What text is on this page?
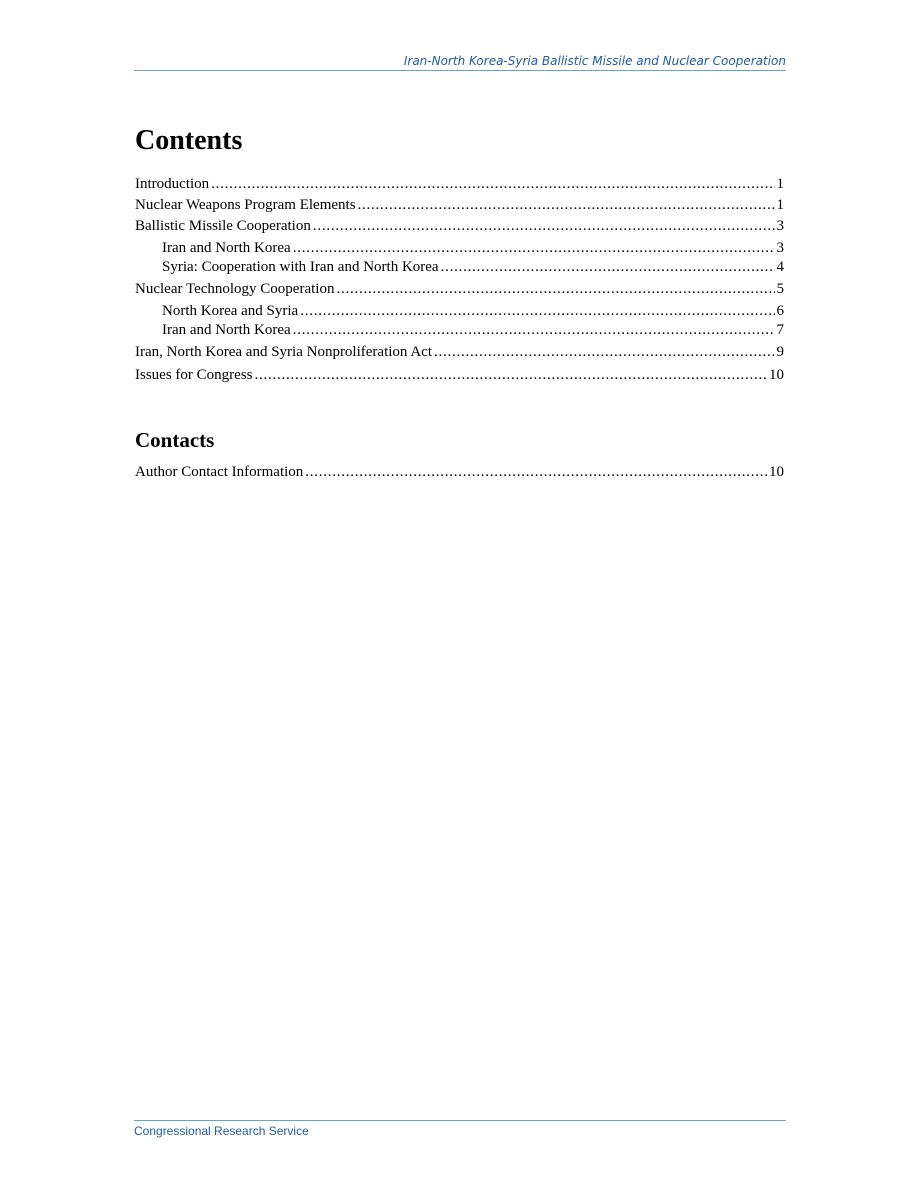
Iran-North Korea-Syria Ballistic Missile and Nuclear Cooperation
Contents
Introduction . . .	1
Nuclear Weapons Program Elements . . .	1
Ballistic Missile Cooperation . . .	3
Iran and North Korea . . .	3
Syria: Cooperation with Iran and North Korea . . .	4
Nuclear Technology Cooperation . . .	5
North Korea and Syria . . .	6
Iran and North Korea . . .	7
Iran, North Korea and Syria Nonproliferation Act . . .	9
Issues for Congress . . .	10
Contacts
Author Contact Information . . .	10
Congressional Research Service
